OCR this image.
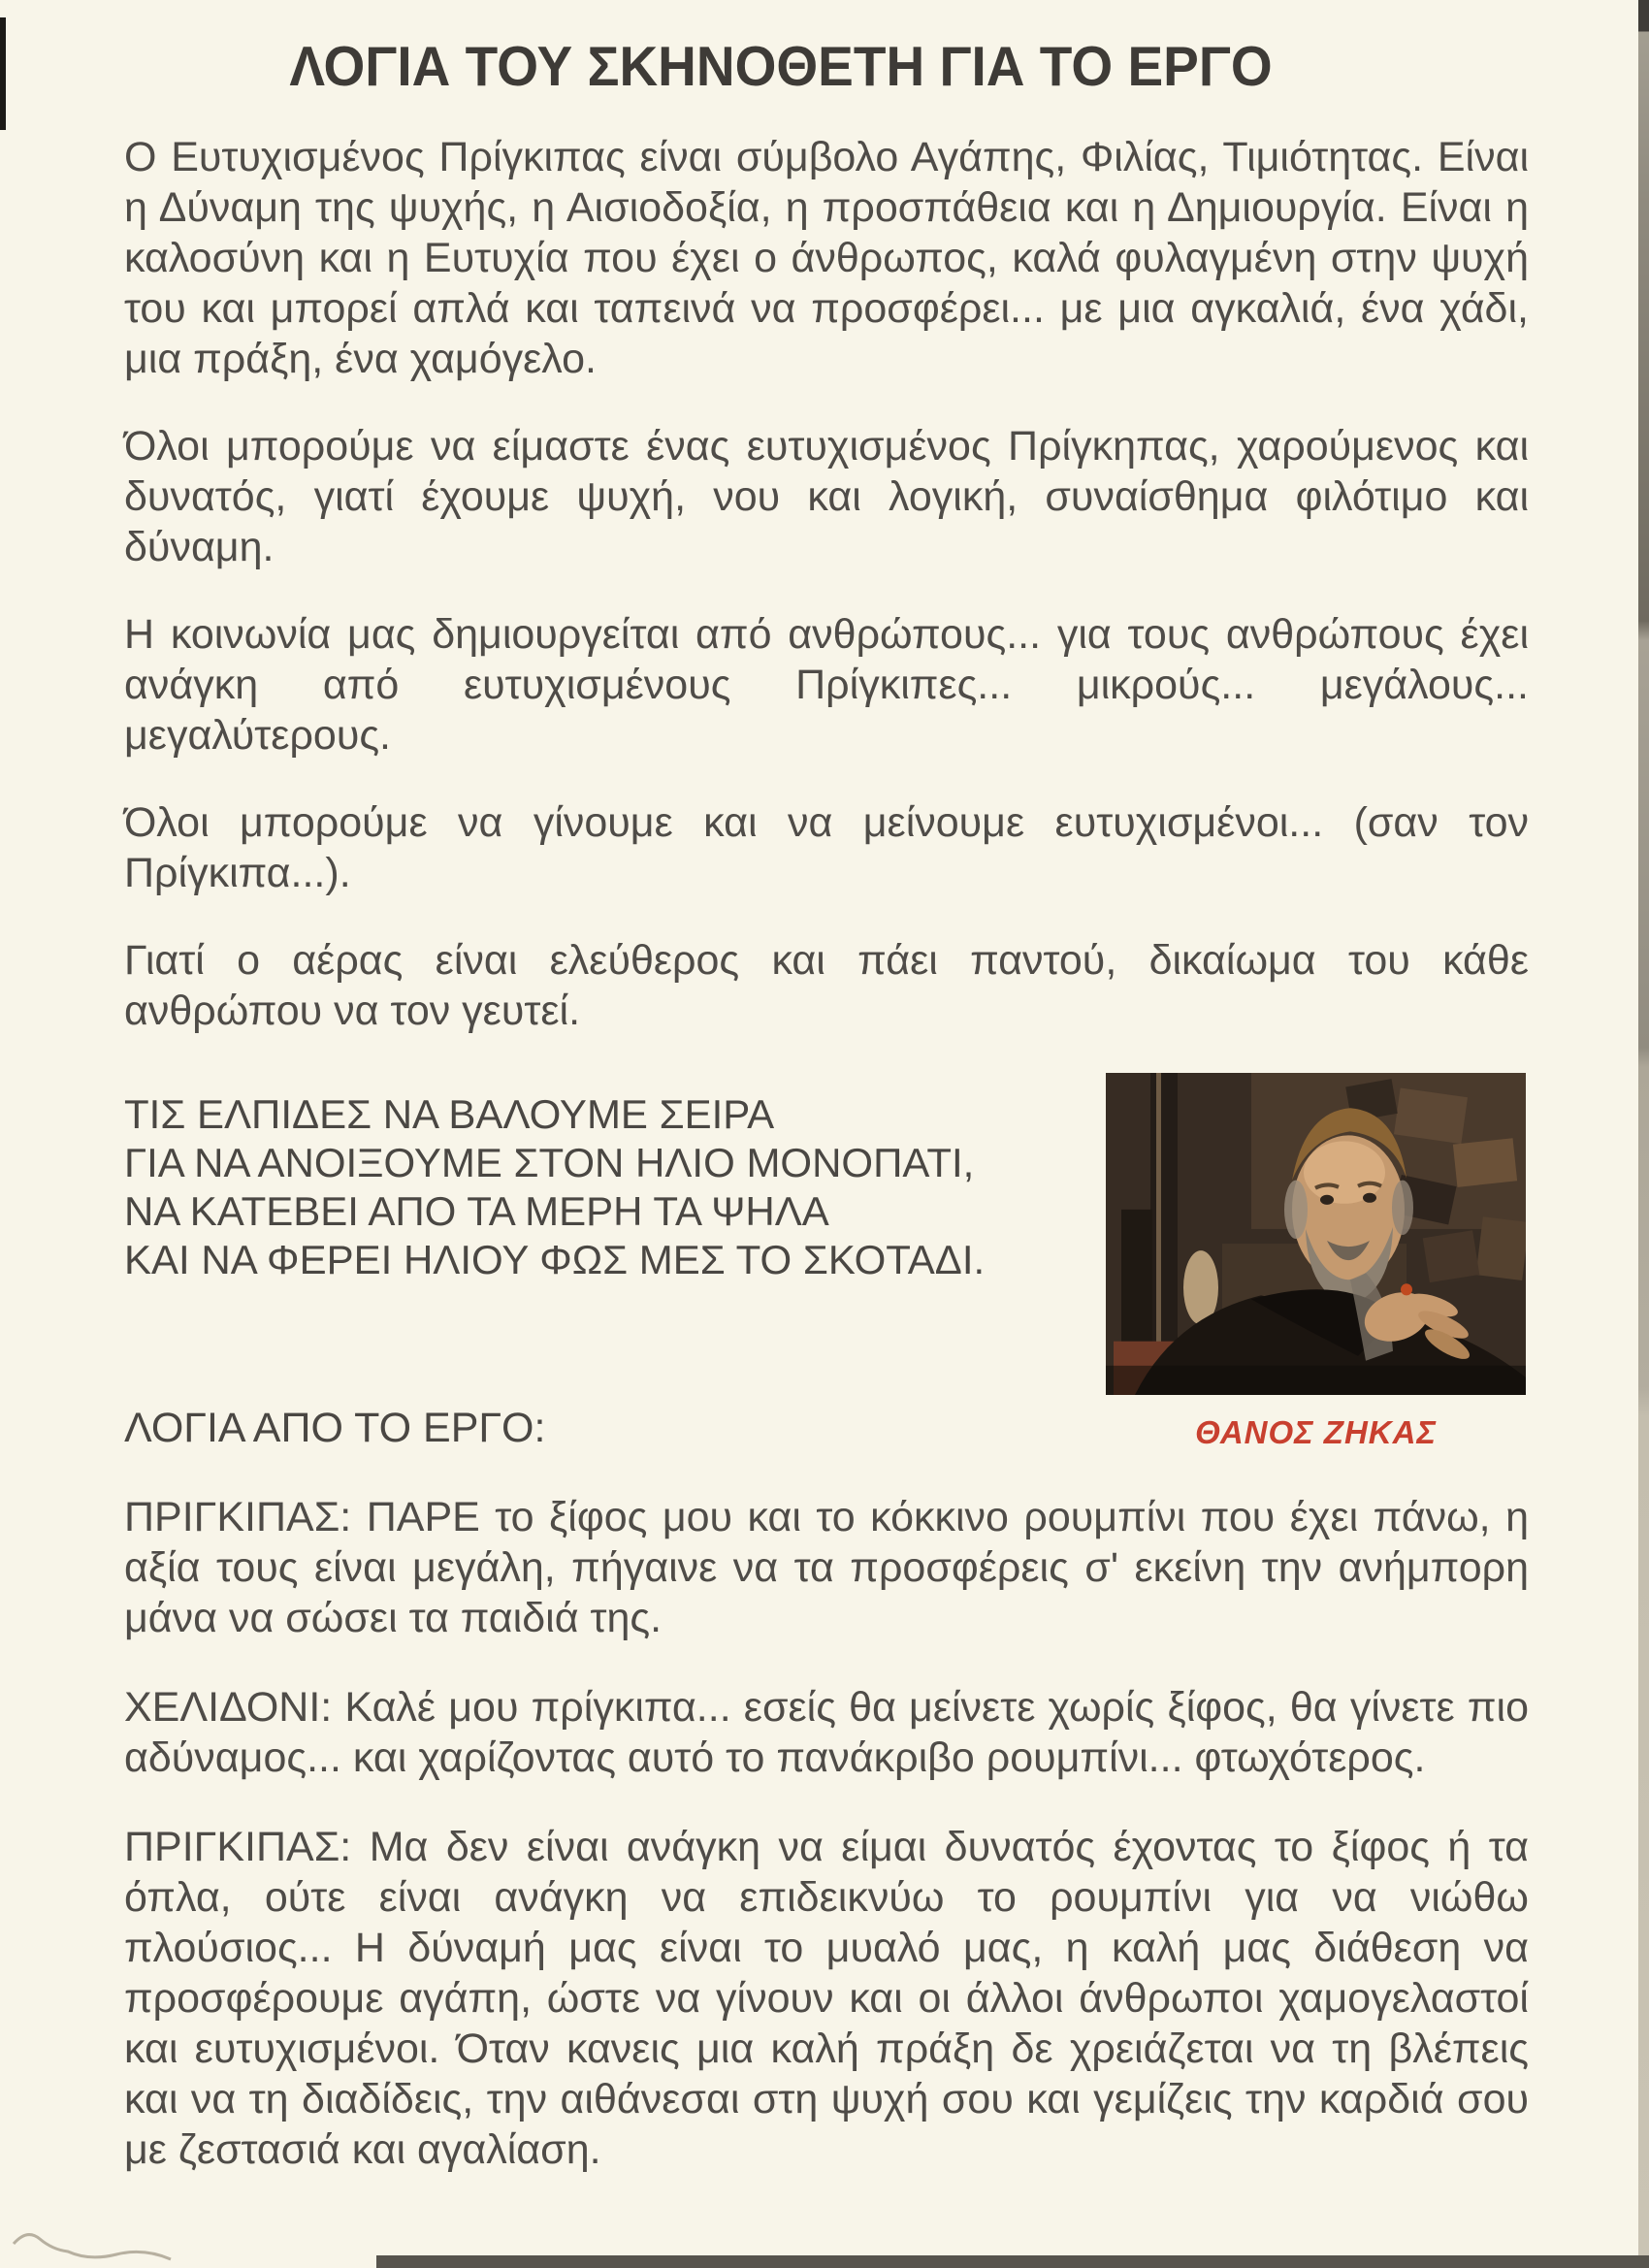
ΛΟΓΙΑ ΤΟΥ ΣΚΗΝΟΘΕΤΗ ΓΙΑ ΤΟ ΕΡΓΟ

Ο Ευτυχισμένος Πρίγκιπας είναι σύμβολο Αγάπης, Φιλίας, Τιμιότητας. Είναι η Δύναμη της ψυχής, η Αισιοδοξία, η προσπάθεια και η Δημιουργία. Είναι η καλοσύνη και η Ευτυχία που έχει ο άνθρωπος, καλά φυλαγμένη στην ψυχή του και μπορεί απλά και ταπεινά να προσφέρει... με μια αγκαλιά, ένα χάδι, μια πράξη, ένα χαμόγελο.

Όλοι μπορούμε να είμαστε ένας ευτυχισμένος Πρίγκηπας, χαρούμενος και δυνατός, γιατί έχουμε ψυχή, νου και λογική, συναίσθημα φιλότιμο και δύναμη.

Η κοινωνία μας δημιουργείται από ανθρώπους... για τους ανθρώπους έχει ανάγκη από ευτυχισμένους Πρίγκιπες... μικρούς... μεγάλους... μεγαλύτερους.

Όλοι μπορούμε να γίνουμε και να μείνουμε ευτυχισμένοι... (σαν τον Πρίγκιπα...).

Γιατί ο αέρας είναι ελεύθερος και πάει παντού, δικαίωμα του κάθε ανθρώπου να τον γευτεί.

ΤΙΣ ΕΛΠΙΔΕΣ ΝΑ ΒΑΛΟΥΜΕ ΣΕΙΡΑ
ΓΙΑ ΝΑ ΑΝΟΙΞΟΥΜΕ ΣΤΟΝ ΗΛΙΟ ΜΟΝΟΠΑΤΙ,
ΝΑ ΚΑΤΕΒΕΙ ΑΠΟ ΤΑ ΜΕΡΗ ΤΑ ΨΗΛΑ
ΚΑΙ ΝΑ ΦΕΡΕΙ ΗΛΙΟΥ ΦΩΣ ΜΕΣ ΤΟ ΣΚΟΤΑΔΙ.
ΘΑΝΟΣ ΖΗΚΑΣ
ΛΟΓΙΑ ΑΠΟ ΤΟ ΕΡΓΟ:

ΠΡΙΓΚΙΠΑΣ: ΠΑΡΕ το ξίφος μου και το κόκκινο ρουμπίνι που έχει πάνω, η αξία τους είναι μεγάλη, πήγαινε να τα προσφέρεις σ' εκείνη την ανήμπορη μάνα να σώσει τα παιδιά της.

ΧΕΛΙΔΟΝΙ: Καλέ μου πρίγκιπα... εσείς θα μείνετε χωρίς ξίφος, θα γίνετε πιο αδύναμος... και χαρίζοντας αυτό το πανάκριβο ρουμπίνι... φτωχότερος.

ΠΡΙΓΚΙΠΑΣ: Μα δεν είναι ανάγκη να είμαι δυνατός έχοντας το ξίφος ή τα όπλα, ούτε είναι ανάγκη να επιδεικνύω το ρουμπίνι για να νιώθω πλούσιος... Η δύναμή μας είναι το μυαλό μας, η καλή μας διάθεση να προσφέρουμε αγάπη, ώστε να γίνουν και οι άλλοι άνθρωποι χαμογελαστοί και ευτυχισμένοι. Όταν κανεις μια καλή πράξη δε χρειάζεται να τη βλέπεις και να τη διαδίδεις, την αιθάνεσαι στη ψυχή σου και γεμίζεις την καρδιά σου με ζεστασιά και αγαλίαση.
